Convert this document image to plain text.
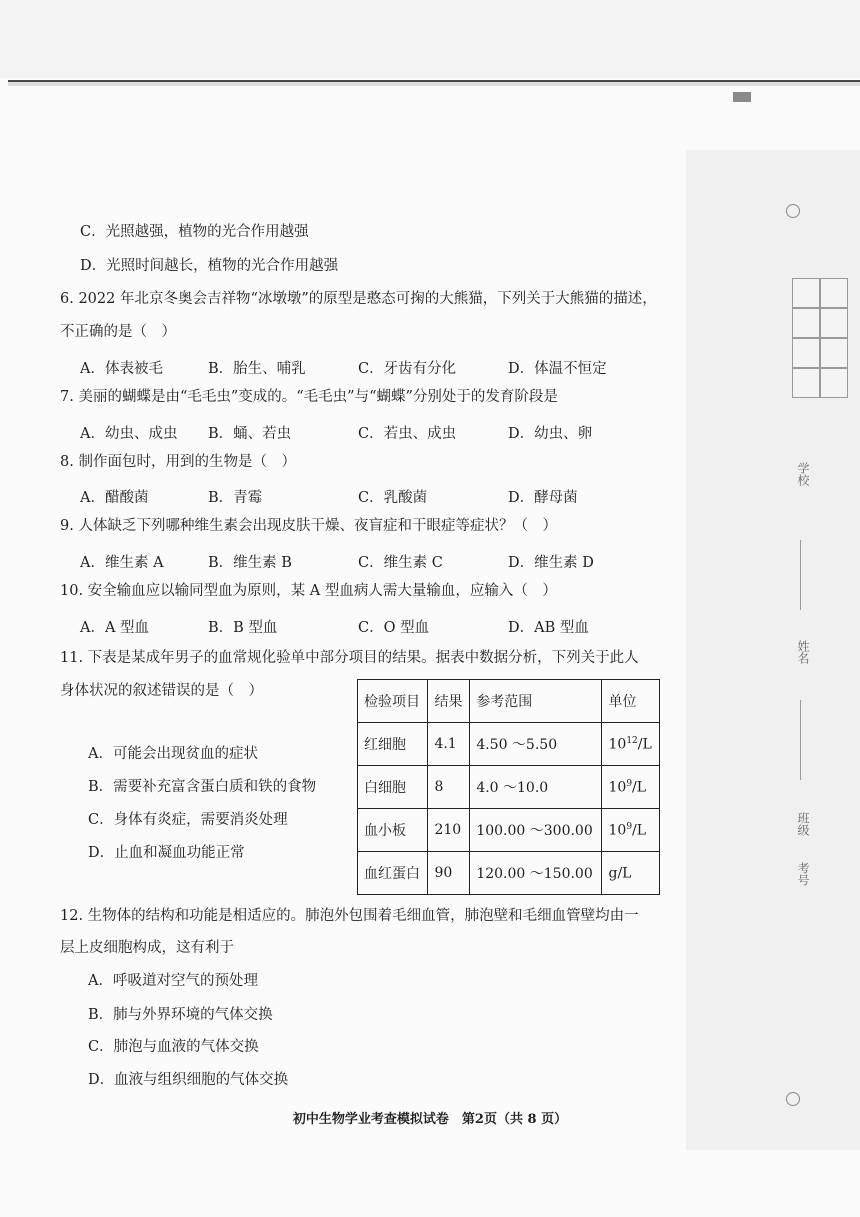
学校
姓名
班级
考号
C．光照越强，植物的光合作用越强
D．光照时间越长，植物的光合作用越强
6. 2022 年北京冬奥会吉祥物“冰墩墩”的原型是憨态可掬的大熊猫，下列关于大熊猫的描述，
不正确的是（　）
A．体表被毛	B．胎生、哺乳	C．牙齿有分化	D．体温不恒定
7. 美丽的蝴蝶是由“毛毛虫”变成的。“毛毛虫”与“蝴蝶”分别处于的发育阶段是
A．幼虫、成虫 B．蛹、若虫	C．若虫、成虫	D．幼虫、卵
8. 制作面包时，用到的生物是（　）
A．醋酸菌	B．青霉	C．乳酸菌	D．酵母菌
9. 人体缺乏下列哪种维生素会出现皮肤干燥、夜盲症和干眼症等症状？（　）
A．维生素 A	B．维生素 B	C．维生素 C	D．维生素 D
10. 安全输血应以输同型血为原则，某 A 型血病人需大量输血，应输入（　）
A．A 型血	B．B 型血	C．O 型血	D．AB 型血
11. 下表是某成年男子的血常规化验单中部分项目的结果。据表中数据分析，下列关于此人
身体状况的叙述错误的是（　）
A．可能会出现贫血的症状
B．需要补充富含蛋白质和铁的食物
C．身体有炎症，需要消炎处理
D．止血和凝血功能正常
检验项目	结果	参考范围	单位
红细胞	4.1	4.50 ～5.50	$10^{12}/L$
白细胞	8	4.0 ～10.0	$10^9/L$
血小板	210	100.00 ～300.00	$10^9/L$
血红蛋白	90	120.00 ～150.00	g/L
12. 生物体的结构和功能是相适应的。肺泡外包围着毛细血管，肺泡壁和毛细血管壁均由一
层上皮细胞构成，这有利于
A．呼吸道对空气的预处理
B．肺与外界环境的气体交换
C．肺泡与血液的气体交换
D．血液与组织细胞的气体交换
初中生物学业考查模拟试卷　第2页（共 8 页）
